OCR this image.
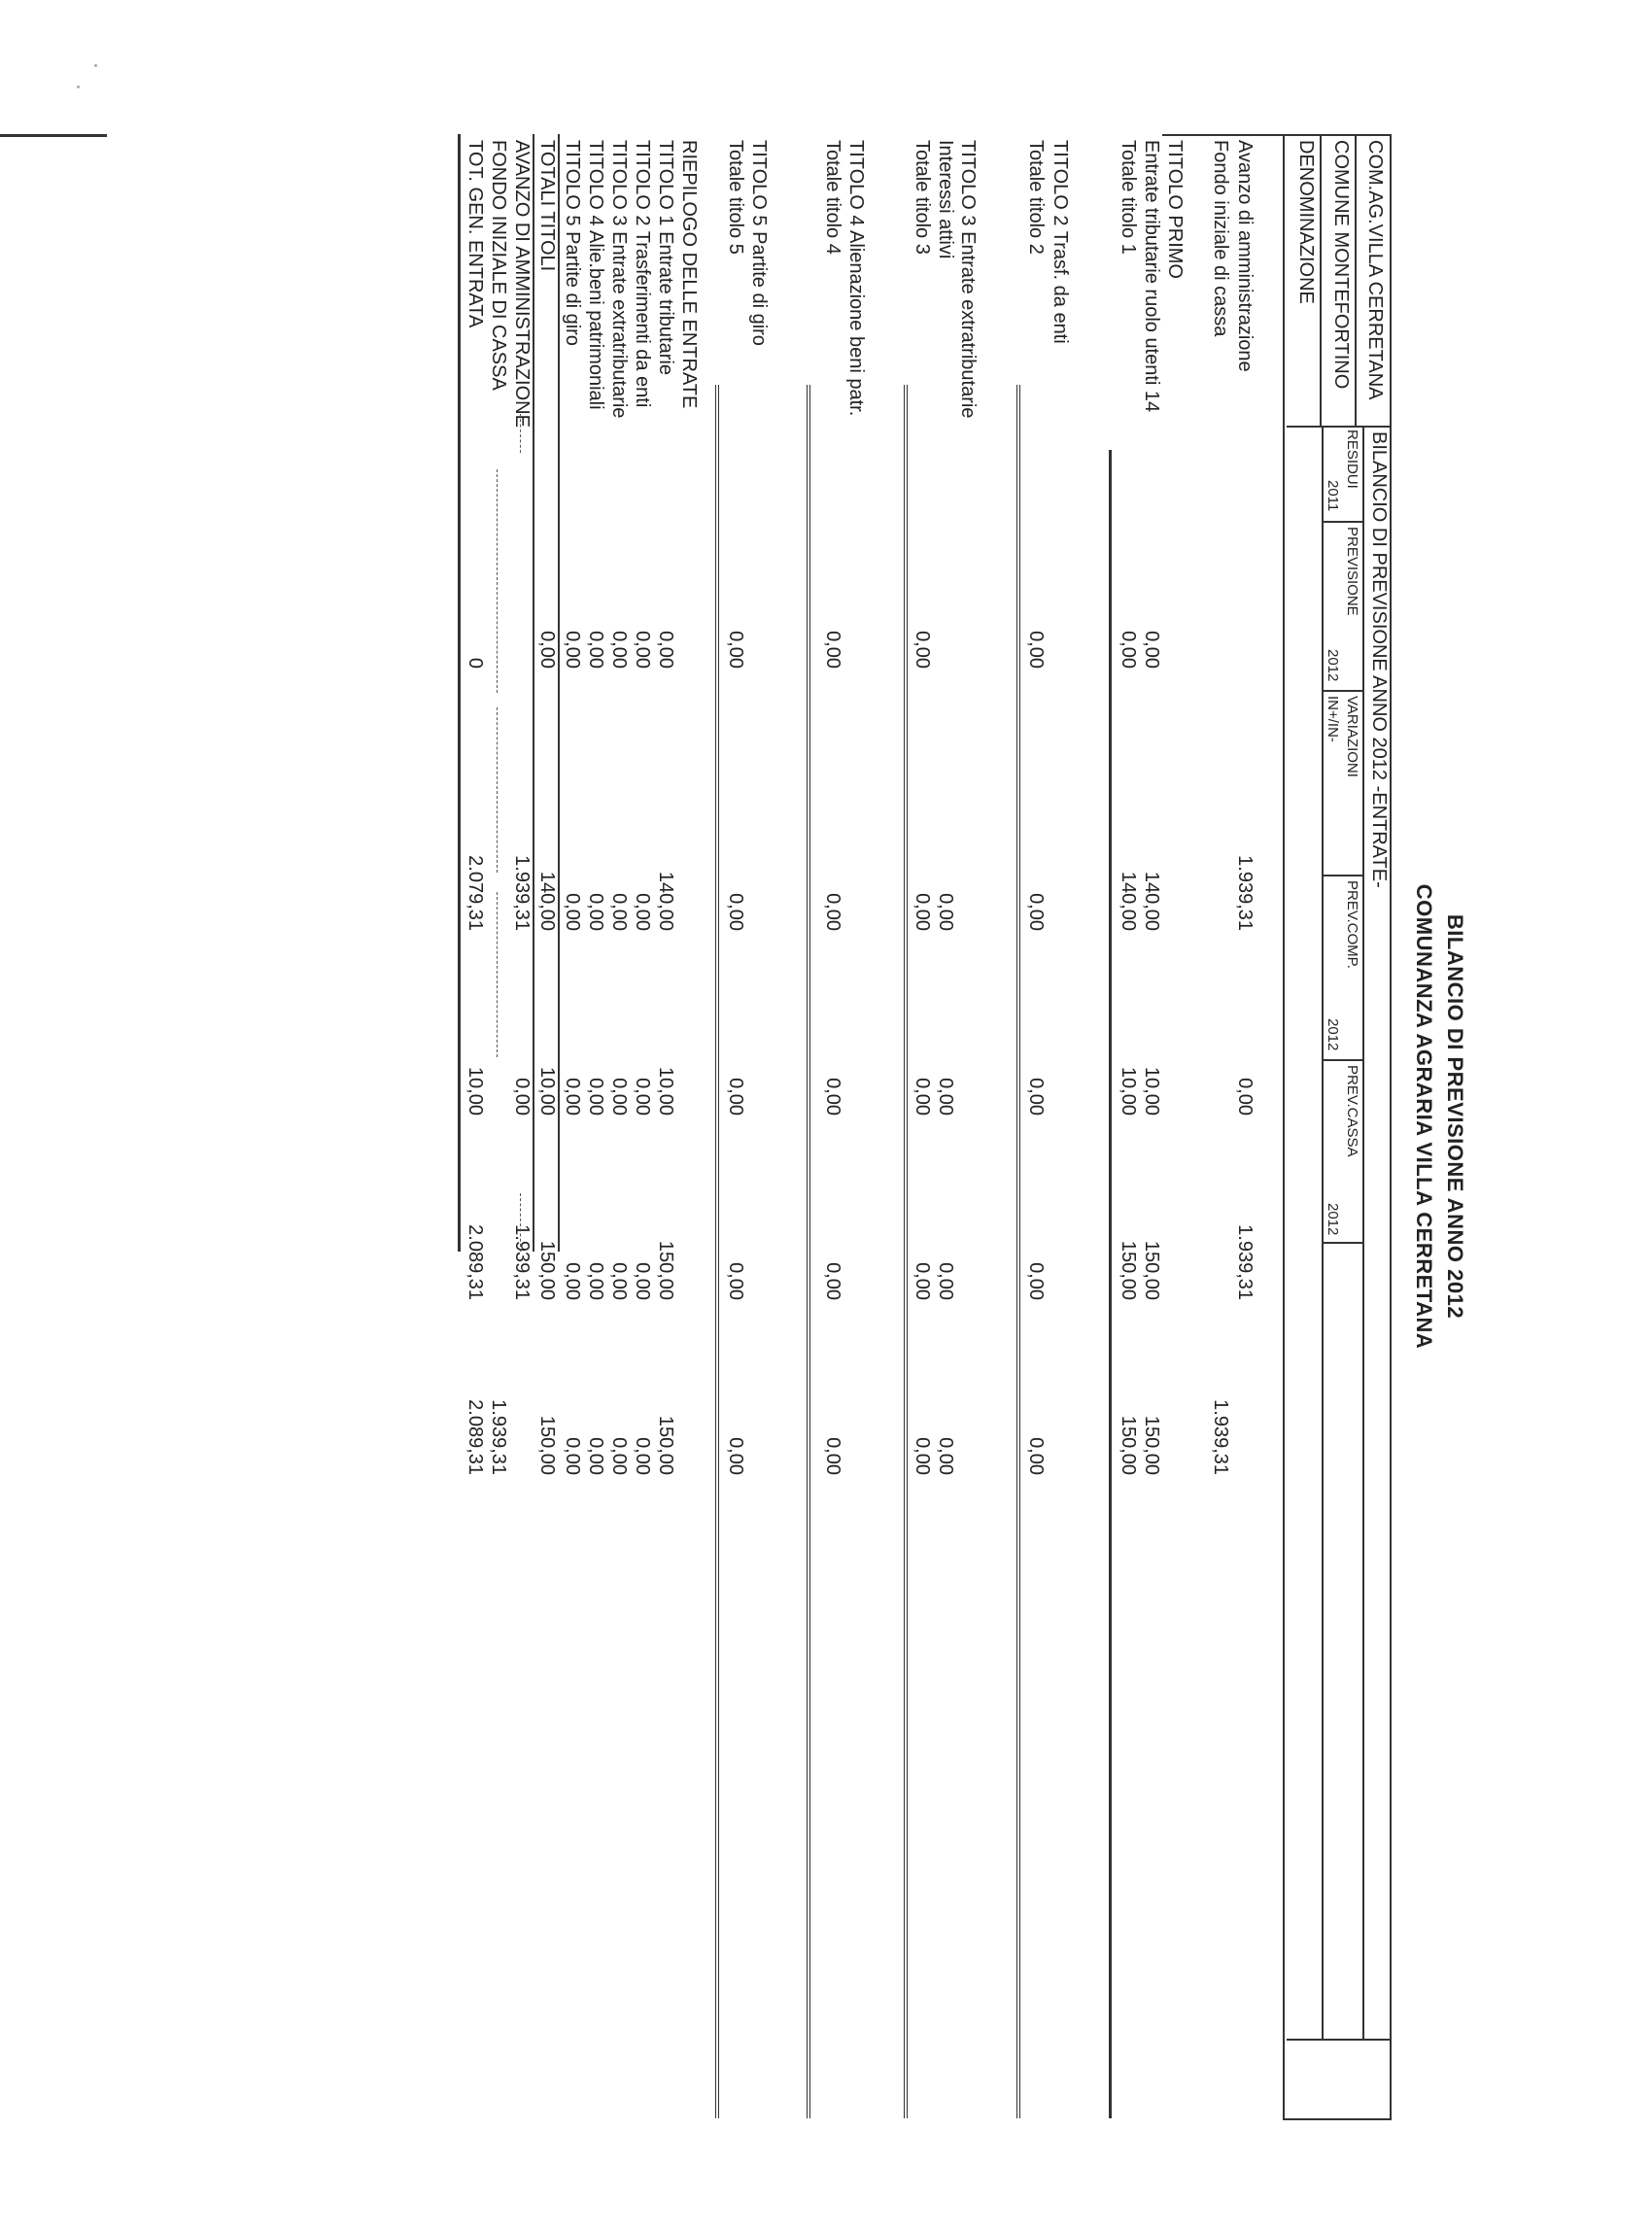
BILANCIO DI PREVISIONE ANNO 2012
COMUNANZA AGRARIA VILLA CERRETANA
COM.AG.VILLA CERRETANA
COMUNE MONTEFORTINO
DENOMINAZIONE
BILANCIO DI PREVISIONE ANNO 2012 -ENTRATE-
RESIDUI
2011
PREVISIONE
2012
VARIAZIONI
IN+/IN-
PREV.COMP.
2012
PREV.CASSA
2012
Avanzo di amministrazione
1.939,31
0,00
1.939,31
Fondo iniziale di cassa
1.939,31
TITOLO PRIMO
Entrate tributarie ruolo utenti 14
0,00
140,00
10,00
150,00
150,00
Totale titolo 1
0,00
140,00
10,00
150,00
150,00
TITOLO 2 Trasf. da enti
Totale titolo 2
0,00
0,00
0,00
0,00
0,00
TITOLO 3 Entrate extratributarie
Interessi attivi
0,00
0,00
0,00
0,00
Totale titolo 3
0,00
0,00
0,00
0,00
0,00
TITOLO 4 Alienazione beni patr.
Totale titolo 4
0,00
0,00
0,00
0,00
0,00
TITOLO 5 Partite di giro
Totale titolo 5
0,00
0,00
0,00
0,00
0,00
RIEPILOGO DELLE ENTRATE
TITOLO 1 Entrate tributarie
0,00
140,00
10,00
150,00
150,00
TITOLO 2 Trasferimenti da enti
0,00
0,00
0,00
0,00
0,00
TITOLO 3 Entrate extratributarie
0,00
0,00
0,00
0,00
0,00
TITOLO 4 Alie.beni patrimoniali
0,00
0,00
0,00
0,00
0,00
TITOLO 5 Partite di giro
0,00
0,00
0,00
0,00
0,00
TOTALI TITOLI
0,00
140,00
10,00
150,00
150,00
AVANZO DI AMMINISTRAZIONE
1.939,31
0,00
1.939,31
FONDO INIZIALE DI CASSA
1.939,31
TOT. GEN. ENTRATA
0
2.079,31
10,00
2.089,31
2.089,31
